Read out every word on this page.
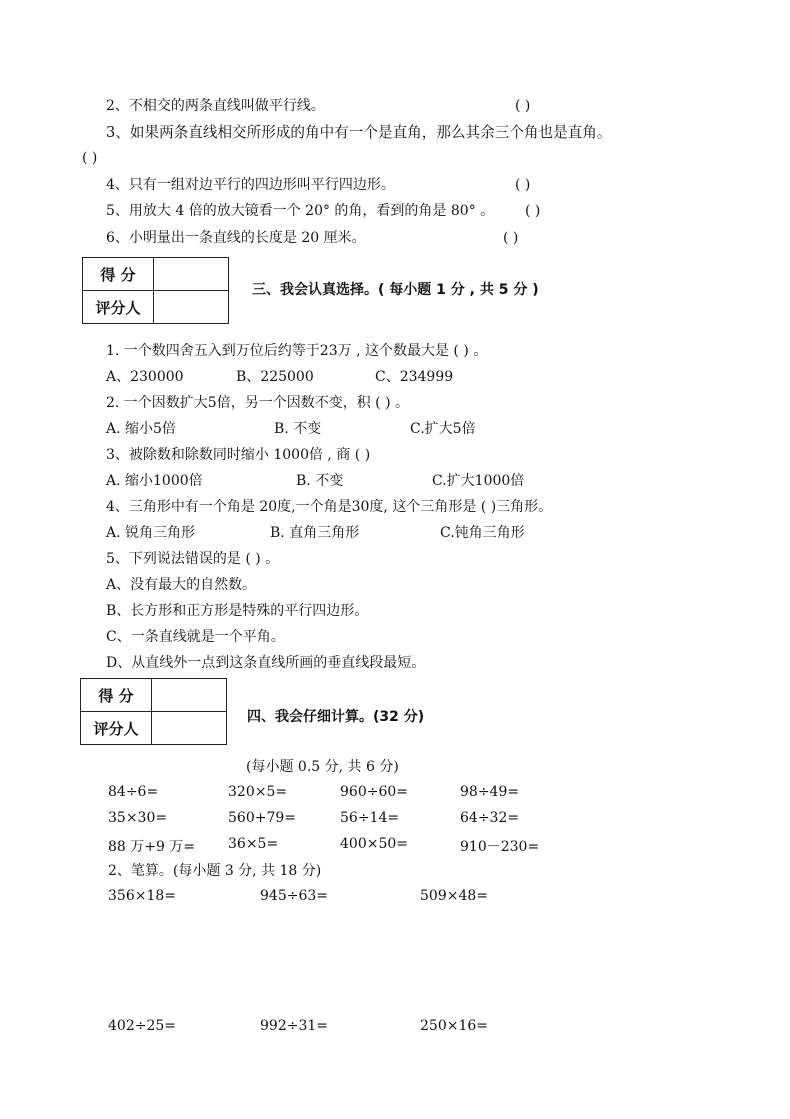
2、不相交的两条直线叫做平行线。	( )
3、如果两条直线相交所形成的角中有一个是直角，那么其余三个角也是直角。
( )
4、只有一组对边平行的四边形叫平行四边形。	( )
5、用放大 4 倍的放大镜看一个 20° 的角，看到的角是 80° 。 ( )
6、小明量出一条直线的长度是 20 厘米。	( )
得 分	
评分人	
三、我会认真选择。( 每小题 1 分 , 共 5 分 )
1. 一个数四舍五入到万位后约等于23万 , 这个数最大是 ( ) 。
A、230000	B、225000	C、234999
2. 一个因数扩大5倍，另一个因数不变，积 ( ) 。
A. 缩小5倍	B. 不变	C.扩大5倍
3、被除数和除数同时缩小 1000倍 , 商 ( )
A. 缩小1000倍	B. 不变	C.扩大1000倍
4、三角形中有一个角是 20度,一个角是30度, 这个三角形是 ( )三角形。
A. 锐角三角形	B. 直角三角形	C.钝角三角形
5、下列说法错误的是 ( ) 。
A、没有最大的自然数。
B、长方形和正方形是特殊的平行四边形。
C、一条直线就是一个平角。
D、从直线外一点到这条直线所画的垂直线段最短。
得 分	
评分人	
四、我会仔细计算。(32 分)
(每小题 0.5 分, 共 6 分)
84÷6=	320×5=	960÷60=	98÷49=
35×30=	560+79=	56÷14=	64÷32=
88 万+9 万= 36×5=	400×50=	910－230=
2、笔算。(每小题 3 分, 共 18 分)
356×18=	945÷63=	509×48=
402÷25=	992÷31=	250×16=
